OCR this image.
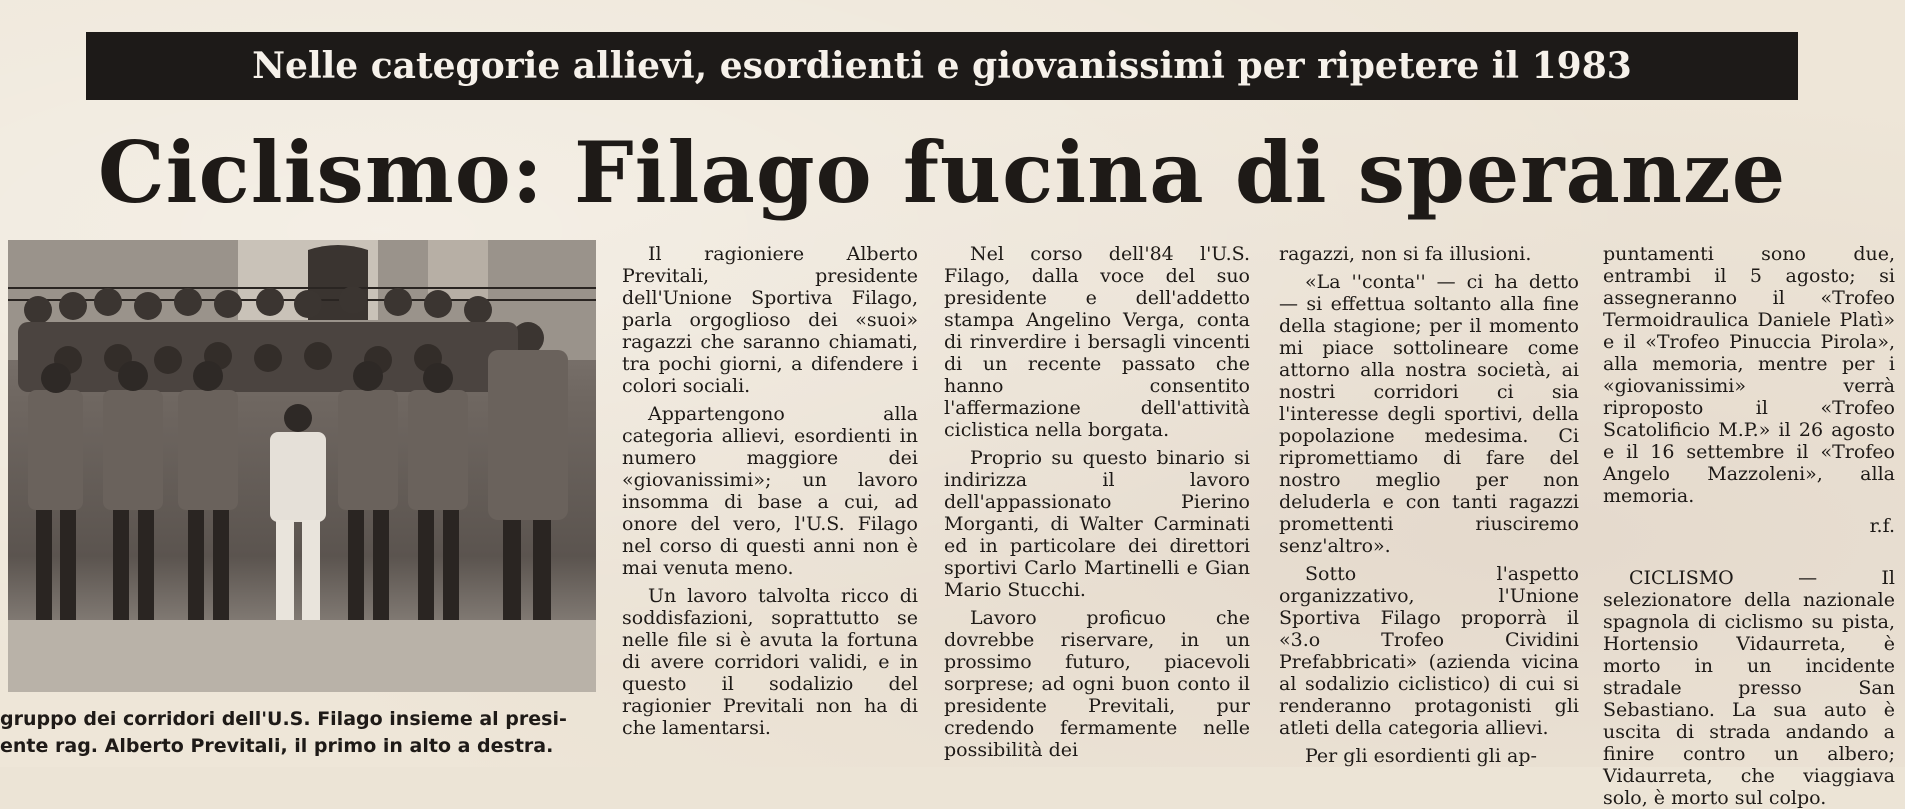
Nelle categorie allievi, esordienti e giovanissimi per ripetere il 1983
Ciclismo: Filago fucina di speranze
gruppo dei corridori dell'U.S. Filago insieme al presi-
ente rag. Alberto Previtali, il primo in alto a destra.

Il ragioniere Alberto Previtali, presidente dell'Unione Sportiva Filago, parla orgoglioso dei «suoi» ragazzi che saranno chiamati, tra pochi giorni, a difendere i colori sociali.

Appartengono alla categoria allievi, esordienti in numero maggiore dei «giovanissimi»; un lavoro insomma di base a cui, ad onore del vero, l'U.S. Filago nel corso di questi anni non è mai venuta meno.

Un lavoro talvolta ricco di soddisfazioni, soprattutto se nelle file si è avuta la fortuna di avere corridori validi, e in questo il sodalizio del ragionier Previtali non ha di che lamentarsi.

Nel corso dell'84 l'U.S. Filago, dalla voce del suo presidente e dell'addetto stampa Angelino Verga, conta di rinverdire i bersagli vincenti di un recente passato che hanno consentito l'affermazione dell'attività ciclistica nella borgata.

Proprio su questo binario si indirizza il lavoro dell'appassionato Pierino Morganti, di Walter Carminati ed in particolare dei direttori sportivi Carlo Martinelli e Gian Mario Stucchi.

Lavoro proficuo che dovrebbe riservare, in un prossimo futuro, piacevoli sorprese; ad ogni buon conto il presidente Previtali, pur credendo fermamente nelle possibilità dei

ragazzi, non si fa illusioni.

«La ''conta'' — ci ha detto — si effettua soltanto alla fine della stagione; per il momento mi piace sottolineare come attorno alla nostra società, ai nostri corridori ci sia l'interesse degli sportivi, della popolazione medesima. Ci ripromettiamo di fare del nostro meglio per non deluderla e con tanti ragazzi promettenti riusciremo senz'altro».

Sotto l'aspetto organizzativo, l'Unione Sportiva Filago proporrà il «3.o Trofeo Cividini Prefabbricati» (azienda vicina al sodalizio ciclistico) di cui si renderanno protagonisti gli atleti della categoria allievi.

Per gli esordienti gli ap-

puntamenti sono due, entrambi il 5 agosto; si assegneranno il «Trofeo Termoidraulica Daniele Platì» e il «Trofeo Pinuccia Pirola», alla memoria, mentre per i «giovanissimi» verrà riproposto il «Trofeo Scatolificio M.P.» il 26 agosto e il 16 settembre il «Trofeo Angelo Mazzoleni», alla memoria.

r.f.

CICLISMO — Il selezionatore della nazionale spagnola di ciclismo su pista, Hortensio Vidaurreta, è morto in un incidente stradale presso San Sebastiano. La sua auto è uscita di strada andando a finire contro un albero; Vidaurreta, che viaggiava solo, è morto sul colpo.
